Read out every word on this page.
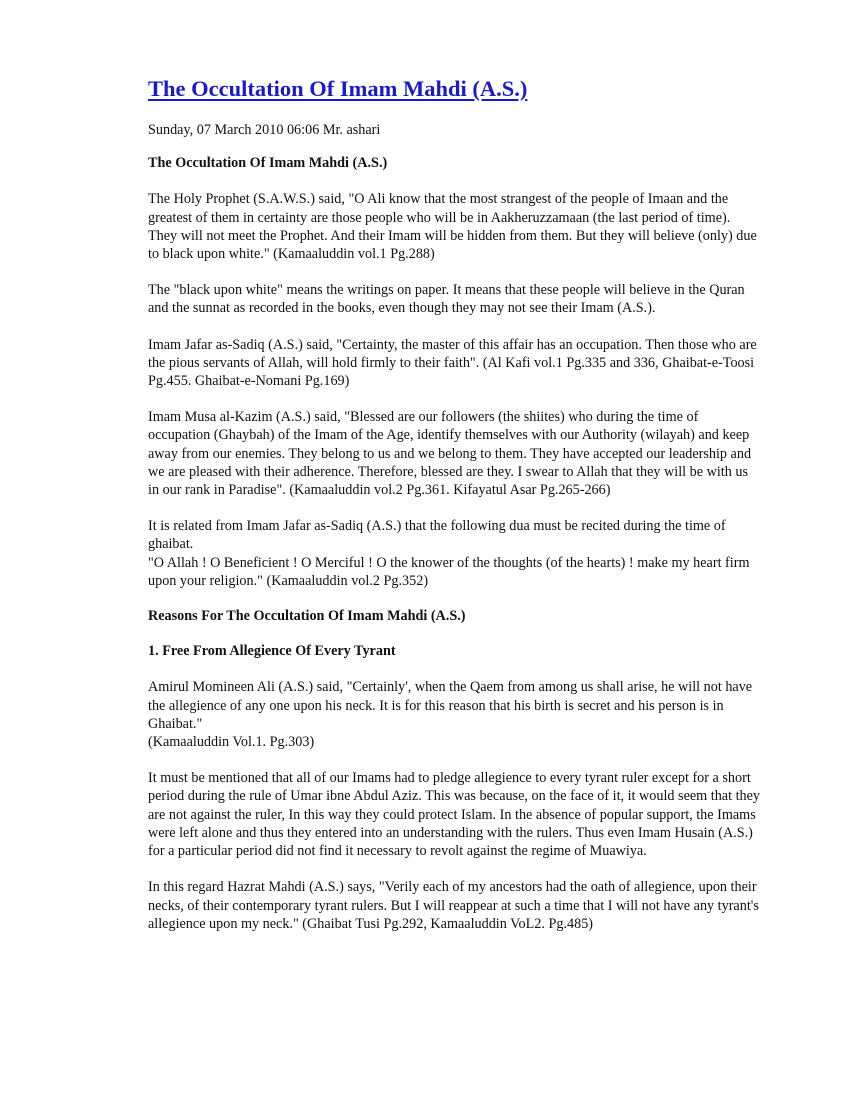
The Occultation Of Imam Mahdi (A.S.)

Sunday, 07 March 2010 06:06 Mr. ashari

The Occultation Of Imam Mahdi (A.S.)

The Holy Prophet (S.A.W.S.) said, "O Ali know that the most strangest of the people of Imaan and the greatest of them in certainty are those people who will be in Aakheruzzamaan (the last period of time). They will not meet the Prophet. And their Imam will be hidden from them. But they will believe (only) due to black upon white." (Kamaaluddin vol.1 Pg.288)

The "black upon white" means the writings on paper. It means that these people will believe in the Quran and the sunnat as recorded in the books, even though they may not see their Imam (A.S.).

Imam Jafar as-Sadiq (A.S.) said, "Certainty, the master of this affair has an occupation. Then those who are the pious servants of Allah, will hold firmly to their faith". (Al Kafi vol.1 Pg.335 and 336, Ghaibat-e-Toosi Pg.455. Ghaibat-e-Nomani Pg.169)

Imam Musa al-Kazim (A.S.) said, "Blessed are our followers (the shiites) who during the time of occupation (Ghaybah) of the Imam of the Age, identify themselves with our Authority (wilayah) and keep away from our enemies. They belong to us and we belong to them. They have accepted our leadership and we are pleased with their adherence. Therefore, blessed are they. I swear to Allah that they will be with us in our rank in Paradise". (Kamaaluddin vol.2 Pg.361. Kifayatul Asar Pg.265-266)

It is related from Imam Jafar as-Sadiq (A.S.) that the following dua must be recited during the time of ghaibat.

"O Allah ! O Beneficient ! O Merciful ! O the knower of the thoughts (of the hearts) ! make my heart firm upon your religion." (Kamaaluddin vol.2 Pg.352)

Reasons For The Occultation Of Imam Mahdi (A.S.)

1. Free From Allegience Of Every Tyrant

Amirul Momineen Ali (A.S.) said, "Certainly', when the Qaem from among us shall arise, he will not have the allegience of any one upon his neck. It is for this reason that his birth is secret and his person is in Ghaibat."

(Kamaaluddin Vol.1. Pg.303)

It must be mentioned that all of our Imams had to pledge allegience to every tyrant ruler except for a short period during the rule of Umar ibne Abdul Aziz. This was because, on the face of it, it would seem that they are not against the ruler, In this way they could protect Islam. In the absence of popular support, the Imams were left alone and thus they entered into an understanding with the rulers. Thus even Imam Husain (A.S.) for a particular period did not find it necessary to revolt against the regime of Muawiya.

In this regard Hazrat Mahdi (A.S.) says, "Verily each of my ancestors had the oath of allegience, upon their necks, of their contemporary tyrant rulers. But I will reappear at such a time that I will not have any tyrant's allegience upon my neck." (Ghaibat Tusi Pg.292, Kamaaluddin VoL2. Pg.485)
